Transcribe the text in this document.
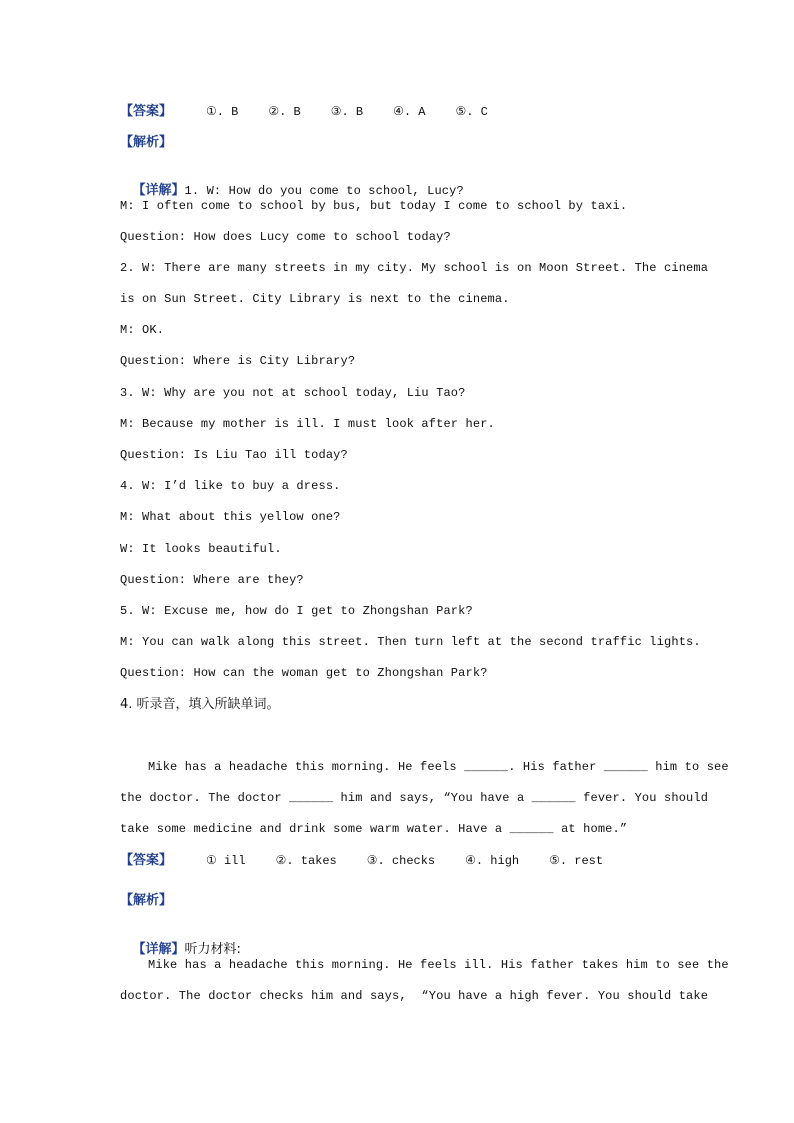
【答案】	①. B	②. B	③. B	④. A	⑤. C
【解析】

【详解】1. W: How do you come to school, Lucy?

M: I often come to school by bus, but today I come to school by taxi.
Question: How does Lucy come to school today?
2. W: There are many streets in my city. My school is on Moon Street. The cinema
is on Sun Street. City Library is next to the cinema.
M: OK.
Question: Where is City Library?
3. W: Why are you not at school today, Liu Tao?
M: Because my mother is ill. I must look after her.
Question: Is Liu Tao ill today?
4. W: I’d like to buy a dress.
M: What about this yellow one?
W: It looks beautiful.
Question: Where are they?
5. W: Excuse me, how do I get to Zhongshan Park?
M: You can walk along this street. Then turn left at the second traffic lights.
Question: How can the woman get to Zhongshan Park?
4. 听录音，填入所缺单词。
Mike has a headache this morning. He feels ______. His father ______ him to see
the doctor. The doctor ______ him and says, “You have a ______ fever. You should
take some medicine and drink some warm water. Have a ______ at home.”
【答案】	① ill	②. takes	③. checks	④. high	⑤. rest
【解析】

【详解】听力材料:

Mike has a headache this morning. He feels ill. His father takes him to see the
doctor. The doctor checks him and says,  “You have a high fever. You should take
